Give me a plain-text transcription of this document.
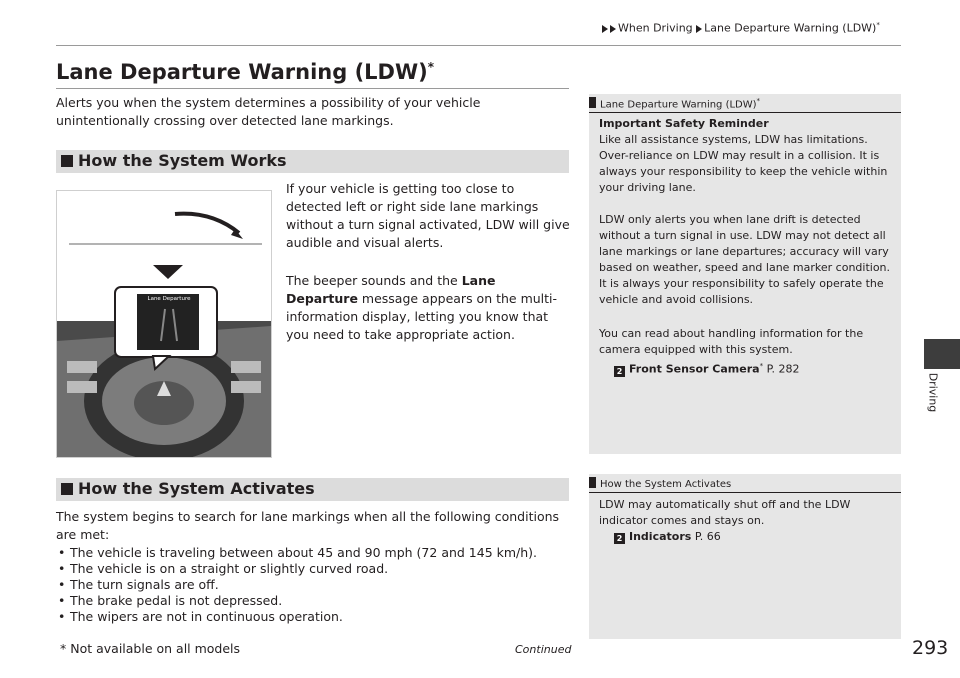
When Driving Lane Departure Warning (LDW)*
Driving
Lane Departure Warning (LDW)*
Alerts you when the system determines a possibility of your vehicle unintentionally crossing over detected lane markings.
How the System Works
Lane Departure
If your vehicle is getting too close to detected left or right side lane markings without a turn signal activated, LDW will give audible and visual alerts.
The beeper sounds and the Lane Departure message appears on the multi-information display, letting you know that you need to take appropriate action.
How the System Activates
The system begins to search for lane markings when all the following conditions are met:
• The vehicle is traveling between about 45 and 90 mph (72 and 145 km/h).
• The vehicle is on a straight or slightly curved road.
• The turn signals are off.
• The brake pedal is not depressed.
• The wipers are not in continuous operation.
Lane Departure Warning (LDW)*
Important Safety Reminder
Like all assistance systems, LDW has limitations. Over-reliance on LDW may result in a collision. It is always your responsibility to keep the vehicle within your driving lane.
LDW only alerts you when lane drift is detected without a turn signal in use. LDW may not detect all lane markings or lane departures; accuracy will vary based on weather, speed and lane marker condition. It is always your responsibility to safely operate the vehicle and avoid collisions.
You can read about handling information for the camera equipped with this system.
2 Front Sensor Camera* P. 282
How the System Activates
LDW may automatically shut off and the LDW indicator comes and stays on.
2 Indicators P. 66
* Not available on all models	Continued	293
